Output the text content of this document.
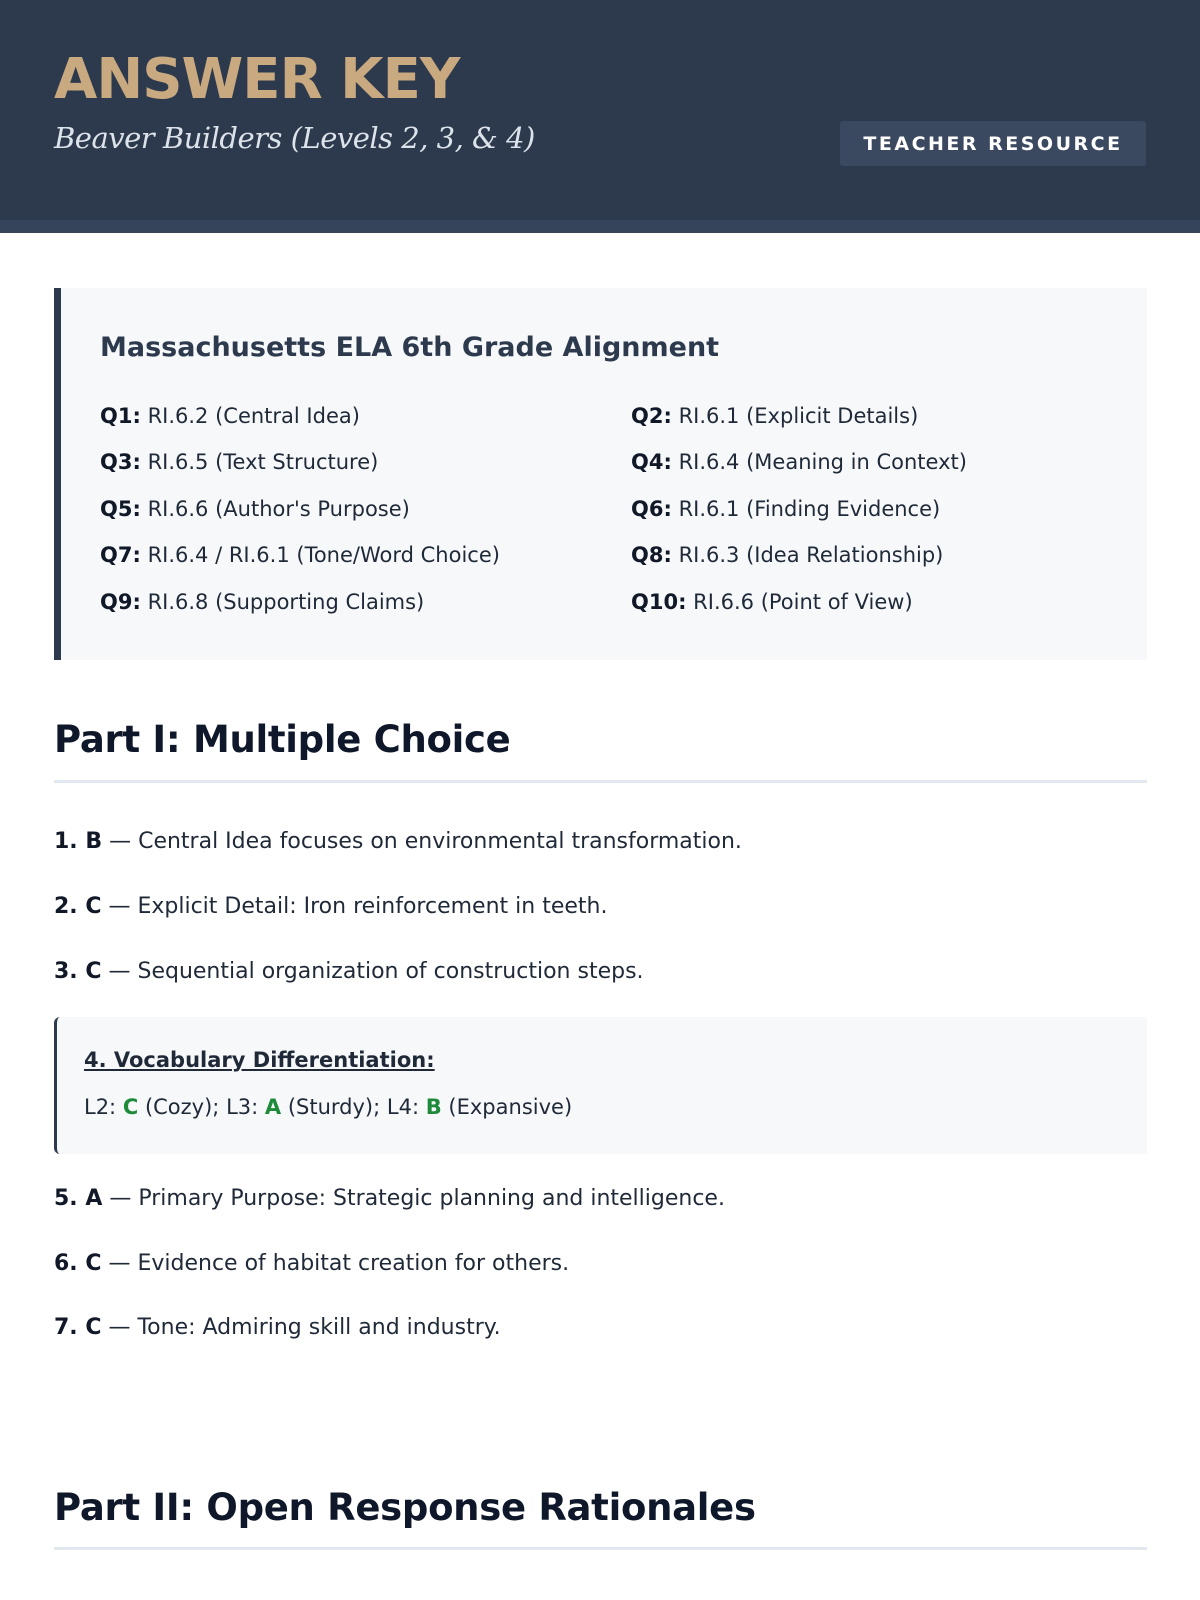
ANSWER KEY
Beaver Builders (Levels 2, 3, & 4)	TEACHER RESOURCE
Massachusetts ELA 6th Grade Alignment
Q1: RI.6.2 (Central Idea)	Q2: RI.6.1 (Explicit Details)
Q3: RI.6.5 (Text Structure)	Q4: RI.6.4 (Meaning in Context)
Q5: RI.6.6 (Author's Purpose)	Q6: RI.6.1 (Finding Evidence)
Q7: RI.6.4 / RI.6.1 (Tone/Word Choice)	Q8: RI.6.3 (Idea Relationship)
Q9: RI.6.8 (Supporting Claims)	Q10: RI.6.6 (Point of View)
Part I: Multiple Choice
1. B — Central Idea focuses on environmental transformation.
2. C — Explicit Detail: Iron reinforcement in teeth.
3. C — Sequential organization of construction steps.
4. Vocabulary Differentiation:
L2: C (Cozy); L3: A (Sturdy); L4: B (Expansive)
5. A — Primary Purpose: Strategic planning and intelligence.
6. C — Evidence of habitat creation for others.
7. C — Tone: Admiring skill and industry.
Part II: Open Response Rationales
